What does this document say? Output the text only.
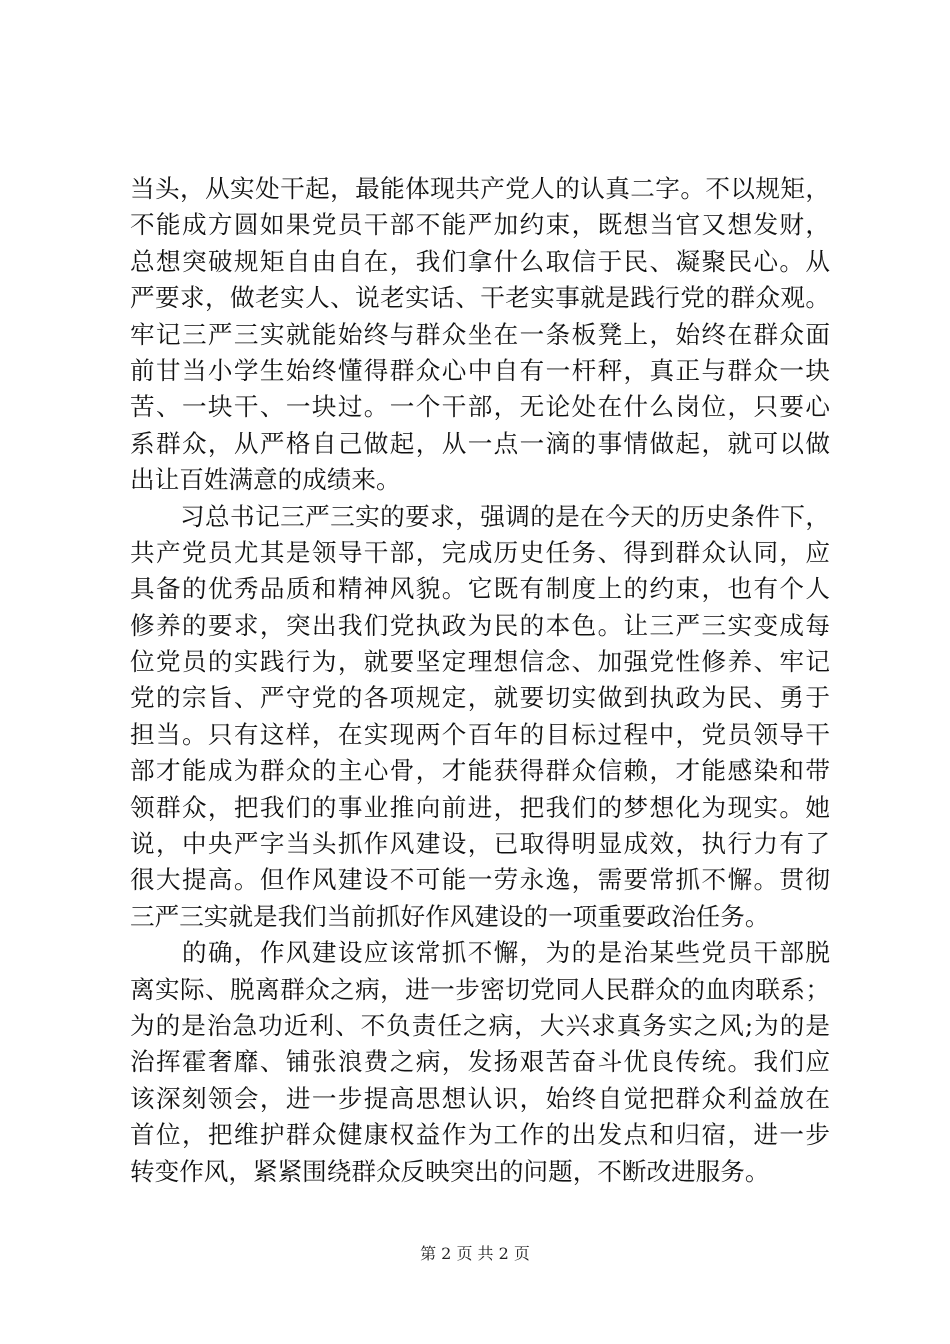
当头，从实处干起，最能体现共产党人的认真二字。不以规矩，
不能成方圆如果党员干部不能严加约束，既想当官又想发财，
总想突破规矩自由自在，我们拿什么取信于民、凝聚民心。从
严要求，做老实人、说老实话、干老实事就是践行党的群众观。
牢记三严三实就能始终与群众坐在一条板凳上，始终在群众面
前甘当小学生始终懂得群众心中自有一杆秤，真正与群众一块
苦、一块干、一块过。一个干部，无论处在什么岗位，只要心
系群众，从严格自己做起，从一点一滴的事情做起，就可以做
出让百姓满意的成绩来。
　　习总书记三严三实的要求，强调的是在今天的历史条件下，
共产党员尤其是领导干部，完成历史任务、得到群众认同，应
具备的优秀品质和精神风貌。它既有制度上的约束，也有个人
修养的要求，突出我们党执政为民的本色。让三严三实变成每
位党员的实践行为，就要坚定理想信念、加强党性修养、牢记
党的宗旨、严守党的各项规定，就要切实做到执政为民、勇于
担当。只有这样，在实现两个百年的目标过程中，党员领导干
部才能成为群众的主心骨，才能获得群众信赖，才能感染和带
领群众，把我们的事业推向前进，把我们的梦想化为现实。她
说，中央严字当头抓作风建设，已取得明显成效，执行力有了
很大提高。但作风建设不可能一劳永逸，需要常抓不懈。贯彻
三严三实就是我们当前抓好作风建设的一项重要政治任务。
　　的确，作风建设应该常抓不懈，为的是治某些党员干部脱
离实际、脱离群众之病，进一步密切党同人民群众的血肉联系；
为的是治急功近利、不负责任之病，大兴求真务实之风;为的是
治挥霍奢靡、铺张浪费之病，发扬艰苦奋斗优良传统。我们应
该深刻领会，进一步提高思想认识，始终自觉把群众利益放在
首位，把维护群众健康权益作为工作的出发点和归宿，进一步
转变作风，紧紧围绕群众反映突出的问题，不断改进服务。
第 2 页 共 2 页
